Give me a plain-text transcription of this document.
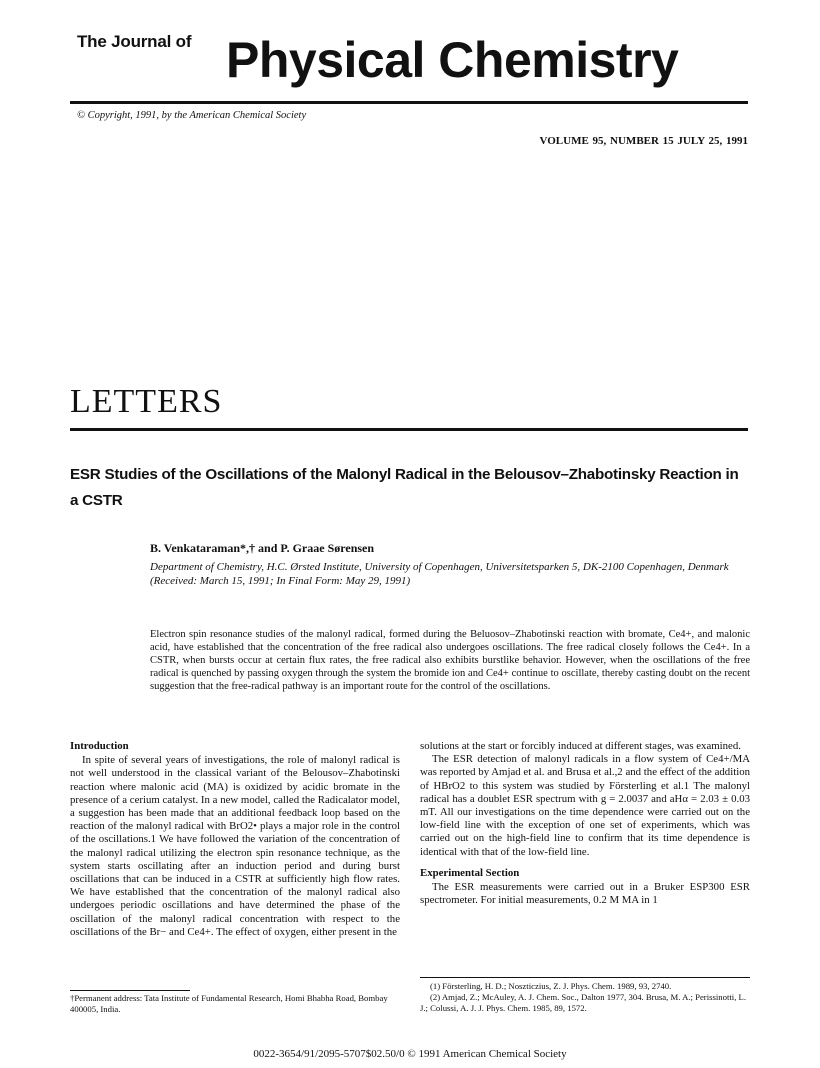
The Journal of Physical Chemistry
© Copyright, 1991, by the American Chemical Society
VOLUME 95, NUMBER 15 JULY 25, 1991
LETTERS
ESR Studies of the Oscillations of the Malonyl Radical in the Belousov–Zhabotinsky Reaction in a CSTR
B. Venkataraman*,† and P. Graae Sørensen
Department of Chemistry, H.C. Ørsted Institute, University of Copenhagen, Universitetsparken 5, DK-2100 Copenhagen, Denmark (Received: March 15, 1991; In Final Form: May 29, 1991)
Electron spin resonance studies of the malonyl radical, formed during the Beluosov–Zhabotinski reaction with bromate, Ce4+, and malonic acid, have established that the concentration of the free radical also undergoes oscillations. The free radical closely follows the Ce4+. In a CSTR, when bursts occur at certain flux rates, the free radical also exhibits burstlike behavior. However, when the oscillations of the free radical is quenched by passing oxygen through the system the bromide ion and Ce4+ continue to oscillate, thereby casting doubt on the recent suggestion that the free-radical pathway is an important route for the control of the oscillations.
Introduction

In spite of several years of investigations, the role of malonyl radical is not well understood in the classical variant of the Belousov–Zhabotinski reaction where malonic acid (MA) is oxidized by acidic bromate in the presence of a cerium catalyst. In a new model, called the Radicalator model, a suggestion has been made that an additional feedback loop based on the reaction of the malonyl radical with BrO2• plays a major role in the control of the oscillations.1 We have followed the variation of the concentration of the malonyl radical utilizing the electron spin resonance technique, as the system starts oscillating after an induction period and during burst oscillations that can be induced in a CSTR at sufficiently high flow rates. We have established that the concentration of the malonyl radical also undergoes periodic oscillations and have determined the phase of the oscillation of the malonyl radical concentration with respect to the oscillations of the Br− and Ce4+. The effect of oxygen, either present in the

solutions at the start or forcibly induced at different stages, was examined.

The ESR detection of malonyl radicals in a flow system of Ce4+/MA was reported by Amjad et al. and Brusa et al.,2 and the effect of the addition of HBrO2 to this system was studied by Försterling et al.1 The malonyl radical has a doublet ESR spectrum with g = 2.0037 and aHα = 2.03 ± 0.03 mT. All our investigations on the time dependence were carried out on the low-field line with the exception of one set of experiments, which was carried out on the high-field line to confirm that its time dependence is identical with that of the low-field line.

Experimental Section

The ESR measurements were carried out in a Bruker ESP300 ESR spectrometer. For initial measurements, 0.2 M MA in 1

†Permanent address: Tata Institute of Fundamental Research, Homi Bhabha Road, Bombay 400005, India.

(1) Försterling, H. D.; Noszticzius, Z. J. Phys. Chem. 1989, 93, 2740.

(2) Amjad, Z.; McAuley, A. J. Chem. Soc., Dalton 1977, 304. Brusa, M. A.; Perissinotti, L. J.; Colussi, A. J. J. Phys. Chem. 1985, 89, 1572.

0022-3654/91/2095-5707$02.50/0 © 1991 American Chemical Society
